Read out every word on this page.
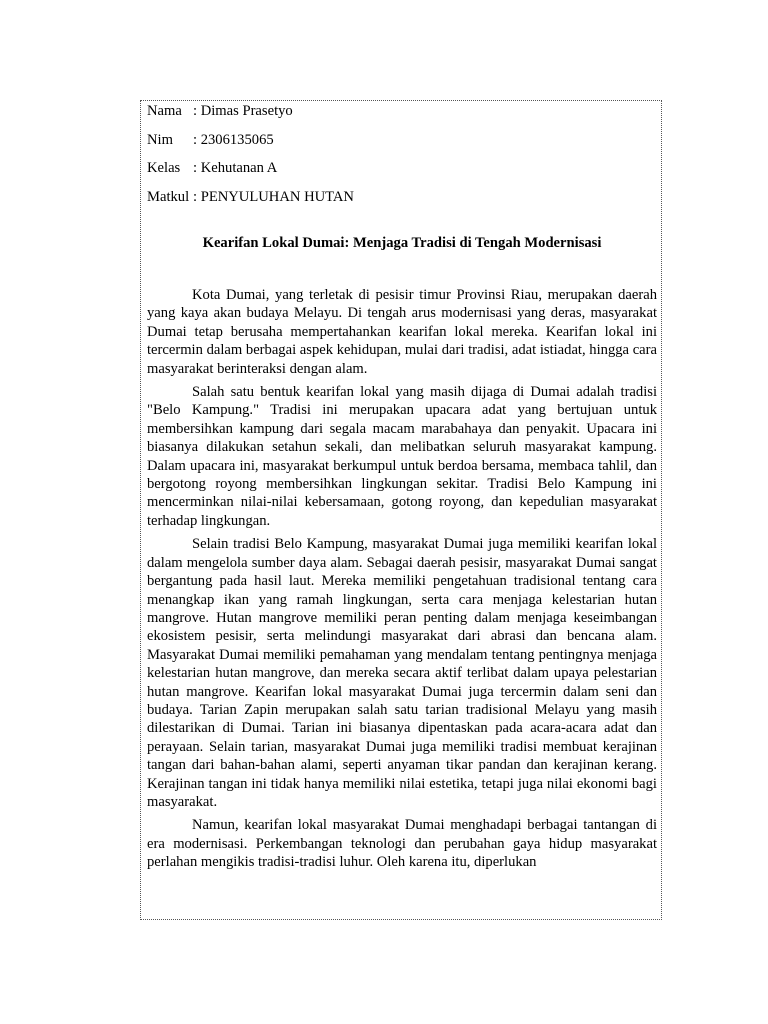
Nama : Dimas Prasetyo
Nim	: 2306135065
Kelas : Kehutanan A
Matkul : PENYULUHAN HUTAN
Kearifan Lokal Dumai: Menjaga Tradisi di Tengah Modernisasi

Kota Dumai, yang terletak di pesisir timur Provinsi Riau, merupakan daerah yang kaya akan budaya Melayu. Di tengah arus modernisasi yang deras, masyarakat Dumai tetap berusaha mempertahankan kearifan lokal mereka. Kearifan lokal ini tercermin dalam berbagai aspek kehidupan, mulai dari tradisi, adat istiadat, hingga cara masyarakat berinteraksi dengan alam.

Salah satu bentuk kearifan lokal yang masih dijaga di Dumai adalah tradisi "Belo Kampung." Tradisi ini merupakan upacara adat yang bertujuan untuk membersihkan kampung dari segala macam marabahaya dan penyakit. Upacara ini biasanya dilakukan setahun sekali, dan melibatkan seluruh masyarakat kampung. Dalam upacara ini, masyarakat berkumpul untuk berdoa bersama, membaca tahlil, dan bergotong royong membersihkan lingkungan sekitar. Tradisi Belo Kampung ini mencerminkan nilai-nilai kebersamaan, gotong royong, dan kepedulian masyarakat terhadap lingkungan.

Selain tradisi Belo Kampung, masyarakat Dumai juga memiliki kearifan lokal dalam mengelola sumber daya alam. Sebagai daerah pesisir, masyarakat Dumai sangat bergantung pada hasil laut. Mereka memiliki pengetahuan tradisional tentang cara menangkap ikan yang ramah lingkungan, serta cara menjaga kelestarian hutan mangrove. Hutan mangrove memiliki peran penting dalam menjaga keseimbangan ekosistem pesisir, serta melindungi masyarakat dari abrasi dan bencana alam. Masyarakat Dumai memiliki pemahaman yang mendalam tentang pentingnya menjaga kelestarian hutan mangrove, dan mereka secara aktif terlibat dalam upaya pelestarian hutan mangrove. Kearifan lokal masyarakat Dumai juga tercermin dalam seni dan budaya. Tarian Zapin merupakan salah satu tarian tradisional Melayu yang masih dilestarikan di Dumai. Tarian ini biasanya dipentaskan pada acara-acara adat dan perayaan. Selain tarian, masyarakat Dumai juga memiliki tradisi membuat kerajinan tangan dari bahan-bahan alami, seperti anyaman tikar pandan dan kerajinan kerang. Kerajinan tangan ini tidak hanya memiliki nilai estetika, tetapi juga nilai ekonomi bagi masyarakat.

Namun, kearifan lokal masyarakat Dumai menghadapi berbagai tantangan di era modernisasi. Perkembangan teknologi dan perubahan gaya hidup masyarakat perlahan mengikis tradisi-tradisi luhur. Oleh karena itu, diperlukan
